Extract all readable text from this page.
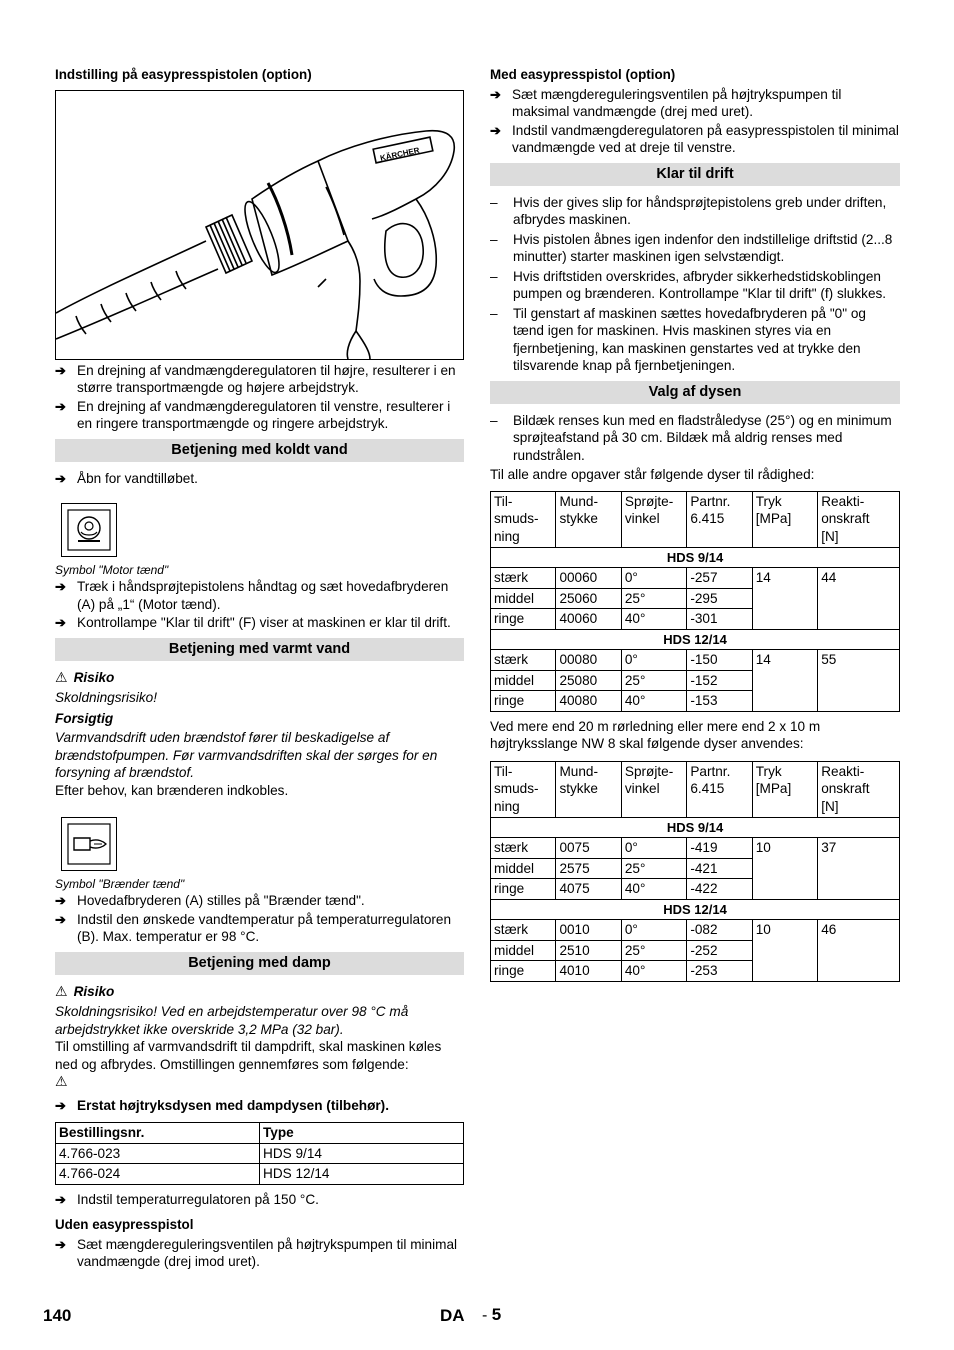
Indstilling på easypresspistolen (option)
KÄRCHER
➔ En drejning af vandmængderegulatoren til højre, resulterer i en større transportmængde og højere arbejdstryk.
➔ En drejning af vandmængderegulatoren til venstre, resulterer i en ringere transportmængde og ringere arbejdstryk.
Betjening med koldt vand
➔ Åbn for vandtilløbet.
Symbol "Motor tænd"
➔ Træk i håndsprøjtepistolens håndtag og sæt hovedafbryderen (A) på „1“ (Motor tænd).
➔ Kontrollampe "Klar til drift" (F) viser at maskinen er klar til drift.
Betjening med varmt vand
⚠ Risiko
Skoldningsrisiko!
Forsigtig
Varmvandsdrift uden brændstof fører til beskadigelse af brændstofpumpen. Før varmvandsdriften skal der sørges for en forsyning af brændstof.
Efter behov, kan brænderen indkobles.
Symbol "Brænder tænd"
➔ Hovedafbryderen (A) stilles på "Brænder tænd".
➔ Indstil den ønskede vandtemperatur på temperaturregulatoren (B). Max. temperatur er 98 °C.
Betjening med damp
⚠ Risiko
Skoldningsrisiko! Ved en arbejdstemperatur over 98 °C må arbejdstrykket ikke overskride 3,2 MPa (32 bar).
Til omstilling af varmvandsdrift til dampdrift, skal maskinen køles ned og afbrydes. Omstillingen gennemføres som følgende:
⚠
➔ Erstat højtryksdysen med dampdysen (tilbehør).
Bestillingsnr.	Type
4.766-023	HDS 9/14
4.766-024	HDS 12/14
➔ Indstil temperaturregulatoren på 150 °C.
Uden easypresspistol
➔ Sæt mængdereguleringsventilen på højtrykspumpen til minimal vandmængde (drej imod uret).
Med easypresspistol (option)
➔ Sæt mængdereguleringsventilen på højtrykspumpen til maksimal vandmængde (drej med uret).
➔ Indstil vandmængderegulatoren på easypresspistolen til minimal vandmængde ved at dreje til venstre.
Klar til drift
– Hvis der gives slip for håndsprøjtepistolens greb under driften, afbrydes maskinen.
– Hvis pistolen åbnes igen indenfor den indstillelige driftstid (2...8 minutter) starter maskinen igen selvstændigt.
– Hvis driftstiden overskrides, afbryder sikkerhedstidskoblingen pumpen og brænderen. Kontrollampe "Klar til drift" (f) slukkes.
– Til genstart af maskinen sættes hovedafbryderen på "0" og tænd igen for maskinen. Hvis maskinen styres via en fjernbetjening, kan maskinen genstartes ved at trykke den tilsvarende knap på fjernbetjeningen.
Valg af dysen
– Bildæk renses kun med en fladstråledyse (25°) og en minimum sprøjteafstand på 30 cm. Bildæk må aldrig renses med rundstrålen.
Til alle andre opgaver står følgende dyser til rådighed:
Til-
smuds-
ning	Mund-
stykke	Sprøjte-
vinkel	Partnr.
6.415	Tryk
[MPa]	Reakti-
onskraft
[N]
HDS 9/14					
stærk	00060	0°	-257	14	44
middel	25060	25°	-295		
ringe	40060	40°	-301		
HDS 12/14					
stærk	00080	0°	-150	14	55
middel	25080	25°	-152		
ringe	40080	40°	-153		
Ved mere end 20 m rørledning eller mere end 2 x 10 m højtryksslange NW 8 skal følgende dyser anvendes:
Til-
smuds-
ning	Mund-
stykke	Sprøjte-
vinkel	Partnr.
6.415	Tryk
[MPa]	Reakti-
onskraft
[N]
HDS 9/14					
stærk	0075	0°	-419	10	37
middel	2575	25°	-421		
ringe	4075	40°	-422		
HDS 12/14					
stærk	0010	0°	-082	10	46
middel	2510	25°	-252		
ringe	4010	40°	-253		
140	DA - 5
